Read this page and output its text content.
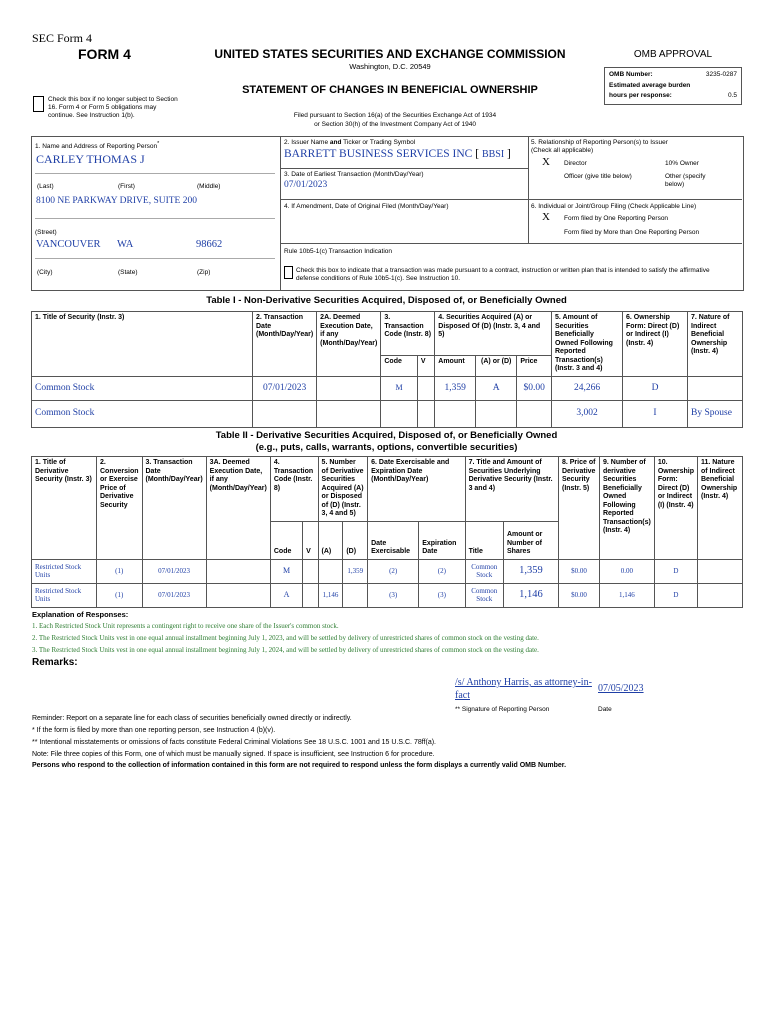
SEC Form 4
FORM 4	UNITED STATES SECURITIES AND EXCHANGE COMMISSION
Washington, D.C. 20549
OMB APPROVAL
OMB Number:	3235-0287
Estimated average burden
hours per response:	0.5
STATEMENT OF CHANGES IN BENEFICIAL OWNERSHIP
Check this box if no longer subject to Section 16. Form 4 or Form 5 obligations may continue. See Instruction 1(b).	Filed pursuant to Section 16(a) of the Securities Exchange Act of 1934
or Section 30(h) of the Investment Company Act of 1940
1. Name and Address of Reporting Person*
CARLEY THOMAS J
(Last)	(First)	(Middle)
8100 NE PARKWAY DRIVE, SUITE 200
(Street)
VANCOUVER WA	98662
(City)	(State)	(Zip)
2. Issuer Name and Ticker or Trading Symbol
BARRETT BUSINESS SERVICES INC [ BBSI ]
3. Date of Earliest Transaction (Month/Day/Year)
07/01/2023
4. If Amendment, Date of Original Filed (Month/Day/Year)
Rule 10b5-1(c) Transaction Indication
Check this box to indicate that a transaction was made pursuant to a contract, instruction or written plan that is intended to satisfy the affirmative defense conditions of Rule 10b5-1(c). See Instruction 10.
5. Relationship of Reporting Person(s) to Issuer
(Check all applicable)
X Director	10% Owner
Officer (give title below)	Other (specify below)
6. Individual or Joint/Group Filing (Check Applicable Line)
X Form filed by One Reporting Person
Form filed by More than One Reporting Person
Table I - Non-Derivative Securities Acquired, Disposed of, or Beneficially Owned
1. Title of Security (Instr. 3)	2. Transaction Date (Month/Day/Year)	2A. Deemed Execution Date, if any (Month/Day/Year)	3. Transaction Code (Instr. 8)		4. Securities Acquired (A) or Disposed Of (D) (Instr. 3, 4 and 5)			5. Amount of Securities Beneficially Owned Following Reported Transaction(s) (Instr. 3 and 4)	6. Ownership Form: Direct (D) or Indirect (I) (Instr. 4)	7. Nature of Indirect Beneficial Ownership (Instr. 4)
			Code	V	Amount	(A) or (D)	Price			
Common Stock	07/01/2023		M		1,359	A	$0.00	24,266	D	
Common Stock								3,002	I	By Spouse
Table II - Derivative Securities Acquired, Disposed of, or Beneficially Owned
(e.g., puts, calls, warrants, options, convertible securities)
1. Title of Derivative Security (Instr. 3)	2. Conversion or Exercise Price of Derivative Security	3. Transaction Date (Month/Day/Year)	3A. Deemed Execution Date, if any (Month/Day/Year)	4. Transaction Code (Instr. 8)		5. Number of Derivative Securities Acquired (A) or Disposed of (D) (Instr. 3, 4 and 5)		6. Date Exercisable and Expiration Date (Month/Day/Year)		7. Title and Amount of Securities Underlying Derivative Security (Instr. 3 and 4)		8. Price of Derivative Security (Instr. 5)	9. Number of derivative Securities Beneficially Owned Following Reported Transaction(s) (Instr. 4)	10. Ownership Form: Direct (D) or Indirect (I) (Instr. 4)	11. Nature of Indirect Beneficial Ownership (Instr. 4)
				Code	V	(A)	(D)	Date Exercisable	Expiration Date	Title	Amount or Number of Shares				
Restricted Stock Units	(1)	07/01/2023		M			1,359	(2)	(2)	Common Stock	1,359	$0.00	0.00	D	
Restricted Stock Units	(1)	07/01/2023		A		1,146		(3)	(3)	Common Stock	1,146	$0.00	1,146	D	
Explanation of Responses:
1. Each Restricted Stock Unit represents a contingent right to receive one share of the Issuer's common stock.
2. The Restricted Stock Units vest in one equal annual installment beginning July 1, 2023, and will be settled by delivery of unrestricted shares of common stock on the vesting date.
3. The Restricted Stock Units vest in one equal annual installment beginning July 1, 2024, and will be settled by delivery of unrestricted shares of common stock on the vesting date.
Remarks:
/s/ Anthony Harris, as attorney-in-fact
07/05/2023
** Signature of Reporting Person	Date
Reminder: Report on a separate line for each class of securities beneficially owned directly or indirectly.
* If the form is filed by more than one reporting person, see Instruction 4 (b)(v).
** Intentional misstatements or omissions of facts constitute Federal Criminal Violations See 18 U.S.C. 1001 and 15 U.S.C. 78ff(a).
Note: File three copies of this Form, one of which must be manually signed. If space is insufficient, see Instruction 6 for procedure.
Persons who respond to the collection of information contained in this form are not required to respond unless the form displays a currently valid OMB Number.
